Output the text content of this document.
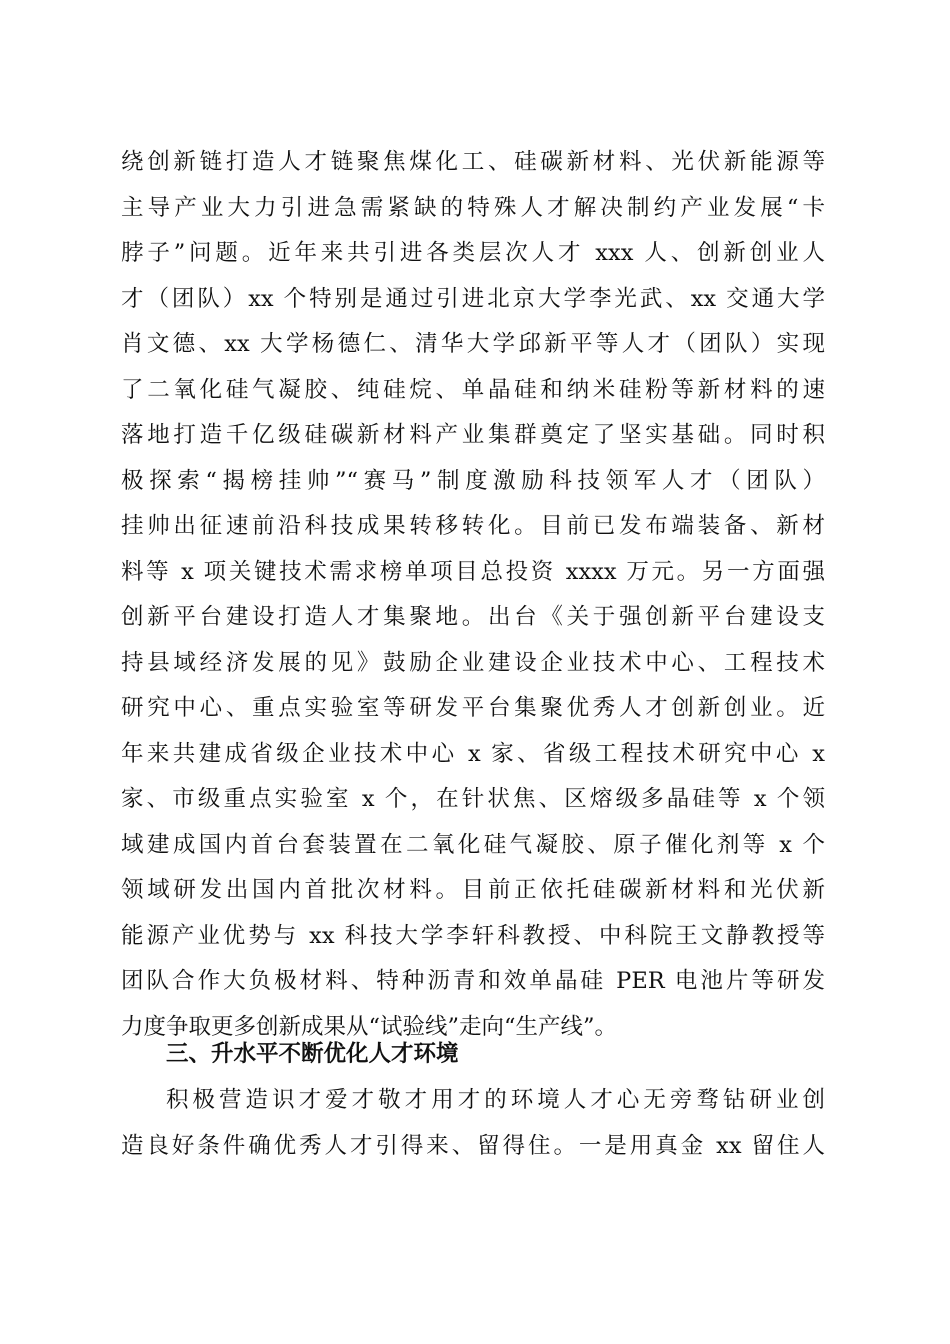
绕创新链打造人才链聚焦煤化工、硅碳新材料、光伏新能源等
主导产业大力引进急需紧缺的特殊人才解决制约产业发展“卡
脖子”问题。近年来共引进各类层次人才 xxx 人、创新创业人
才（团队）xx 个特别是通过引进北京大学李光武、xx 交通大学
肖文德、xx 大学杨德仁、清华大学邱新平等人才（团队）实现
了二氧化硅气凝胶、纯硅烷、单晶硅和纳米硅粉等新材料的速
落地打造千亿级硅碳新材料产业集群奠定了坚实基础。同时积
极探索“揭榜挂帅”“赛马”制度激励科技领军人才（团队）
挂帅出征速前沿科技成果转移转化。目前已发布端装备、新材
料等 x 项关键技术需求榜单项目总投资 xxxx 万元。另一方面强
创新平台建设打造人才集聚地。出台《关于强创新平台建设支
持县域经济发展的见》鼓励企业建设企业技术中心、工程技术
研究中心、重点实验室等研发平台集聚优秀人才创新创业。近
年来共建成省级企业技术中心 x 家、省级工程技术研究中心 x
家、市级重点实验室 x 个，在针状焦、区熔级多晶硅等 x 个领
域建成国内首台套装置在二氧化硅气凝胶、原子催化剂等 x 个
领域研发出国内首批次材料。目前正依托硅碳新材料和光伏新
能源产业优势与 xx 科技大学李轩科教授、中科院王文静教授等
团队合作大负极材料、特种沥青和效单晶硅 PER 电池片等研发
力度争取更多创新成果从“试验线”走向“生产线”。
三、升水平不断优化人才环境
积极营造识才爱才敬才用才的环境人才心无旁骛钻研业创
造良好条件确优秀人才引得来、留得住。一是用真金 xx 留住人
